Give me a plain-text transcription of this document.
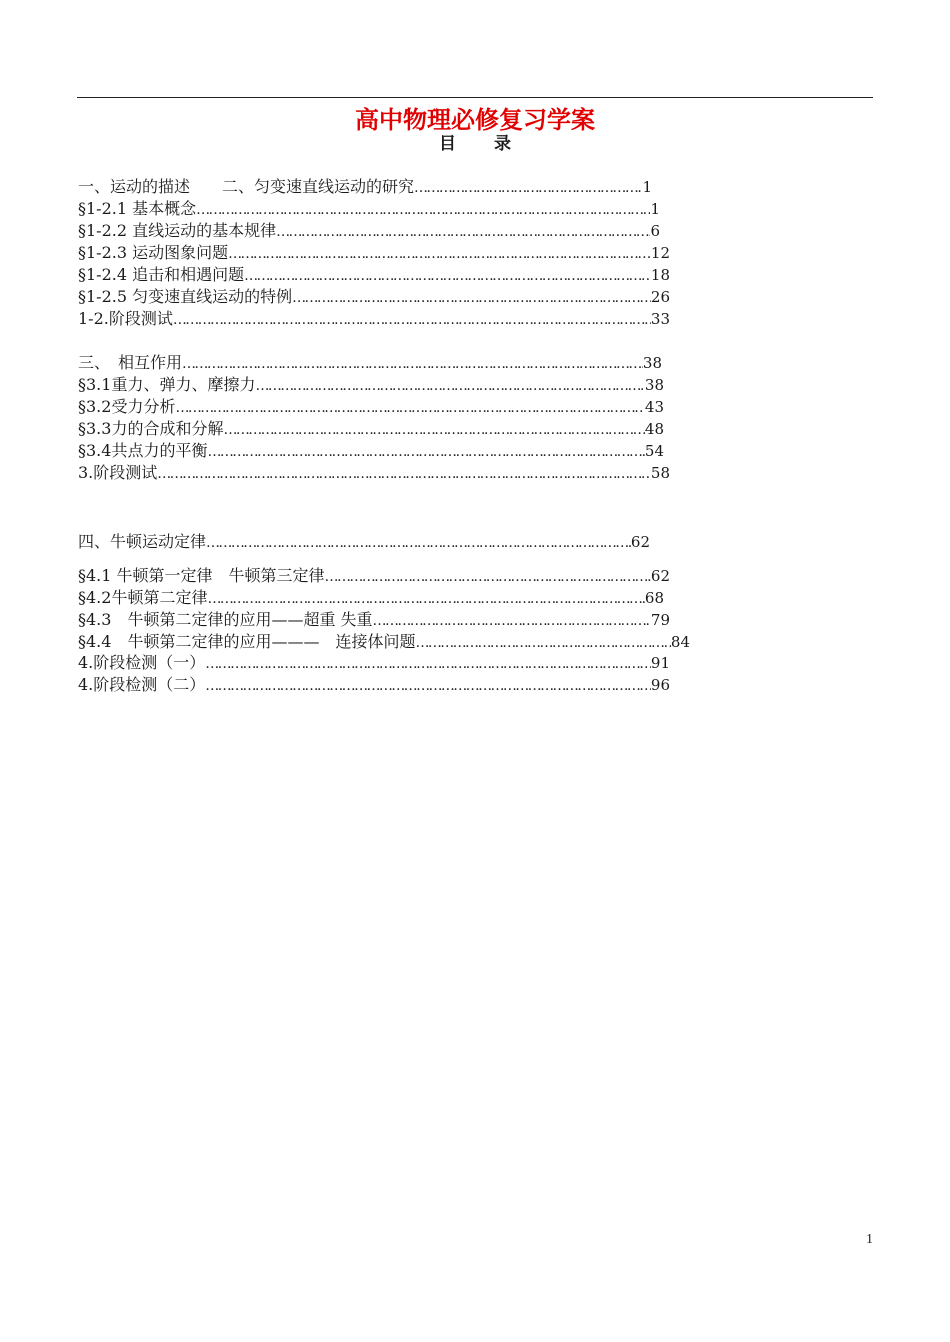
高中物理必修复习学案
目 录
一、运动的描述　　二、匀变速直线运动的研究 ……………………………………………………………………………………………………………………………………………………	1
§1-2.1 基本概念 ……………………………………………………………………………………………………………………………………………………	1
§1-2.2 直线运动的基本规律 ……………………………………………………………………………………………………………………………………………………	6
§1-2.3 运动图象问题 ……………………………………………………………………………………………………………………………………………………	12
§1-2.4 追击和相遇问题 ……………………………………………………………………………………………………………………………………………………	18
§1-2.5 匀变速直线运动的特例 ……………………………………………………………………………………………………………………………………………………	26
1-2.阶段测试 ……………………………………………………………………………………………………………………………………………………	33
三、　相互作用 ……………………………………………………………………………………………………………………………………………………	38
§3.1重力、弹力、摩擦力 ……………………………………………………………………………………………………………………………………………………	38
§3.2受力分析 ……………………………………………………………………………………………………………………………………………………	43
§3.3力的合成和分解 ……………………………………………………………………………………………………………………………………………………	48
§3.4共点力的平衡 ……………………………………………………………………………………………………………………………………………………	54
3.阶段测试 ……………………………………………………………………………………………………………………………………………………	58
四、牛顿运动定律 ……………………………………………………………………………………………………………………………………………………	62
§4.1 牛顿第一定律　牛顿第三定律 ……………………………………………………………………………………………………………………………………………………	62
§4.2牛顿第二定律 ……………………………………………………………………………………………………………………………………………………	68
§4.3　牛顿第二定律的应用——超重 失重 ……………………………………………………………………………………………………………………………………………………	79
§4.4　牛顿第二定律的应用———　连接体问题 ……………………………………………………………………………………………………………………………………………………	84
4.阶段检测（一） ……………………………………………………………………………………………………………………………………………………	91
4.阶段检测（二） ……………………………………………………………………………………………………………………………………………………	96
1
